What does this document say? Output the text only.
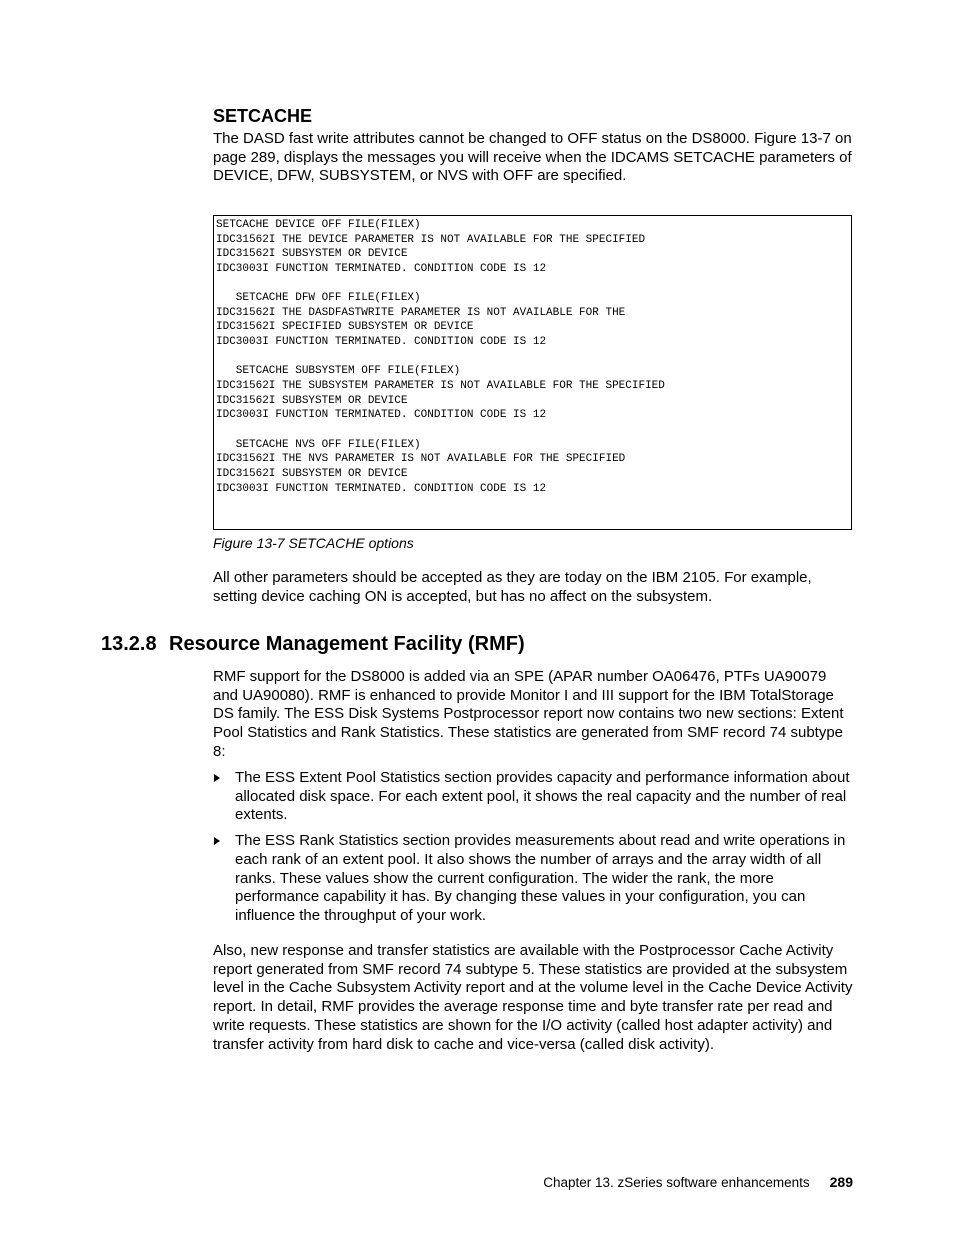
SETCACHE

The DASD fast write attributes cannot be changed to OFF status on the DS8000. Figure 13-7 on page 289, displays the messages you will receive when the IDCAMS SETCACHE parameters of DEVICE, DFW, SUBSYSTEM, or NVS with OFF are specified.

SETCACHE DEVICE OFF FILE(FILEX)
IDC31562I THE DEVICE PARAMETER IS NOT AVAILABLE FOR THE SPECIFIED
IDC31562I SUBSYSTEM OR DEVICE
IDC3003I FUNCTION TERMINATED. CONDITION CODE IS 12
SETCACHE DFW OFF FILE(FILEX)
IDC31562I THE DASDFASTWRITE PARAMETER IS NOT AVAILABLE FOR THE
IDC31562I SPECIFIED SUBSYSTEM OR DEVICE
IDC3003I FUNCTION TERMINATED. CONDITION CODE IS 12
SETCACHE SUBSYSTEM OFF FILE(FILEX)
IDC31562I THE SUBSYSTEM PARAMETER IS NOT AVAILABLE FOR THE SPECIFIED
IDC31562I SUBSYSTEM OR DEVICE
IDC3003I FUNCTION TERMINATED. CONDITION CODE IS 12
SETCACHE NVS OFF FILE(FILEX)
IDC31562I THE NVS PARAMETER IS NOT AVAILABLE FOR THE SPECIFIED
IDC31562I SUBSYSTEM OR DEVICE
IDC3003I FUNCTION TERMINATED. CONDITION CODE IS 12

Figure 13-7 SETCACHE options

All other parameters should be accepted as they are today on the IBM 2105. For example, setting device caching ON is accepted, but has no affect on the subsystem.

13.2.8 Resource Management Facility (RMF)

RMF support for the DS8000 is added via an SPE (APAR number OA06476, PTFs UA90079 and UA90080). RMF is enhanced to provide Monitor I and III support for the IBM TotalStorage DS family. The ESS Disk Systems Postprocessor report now contains two new sections: Extent Pool Statistics and Rank Statistics. These statistics are generated from SMF record 74 subtype 8:

The ESS Extent Pool Statistics section provides capacity and performance information about allocated disk space. For each extent pool, it shows the real capacity and the number of real extents.
The ESS Rank Statistics section provides measurements about read and write operations in each rank of an extent pool. It also shows the number of arrays and the array width of all ranks. These values show the current configuration. The wider the rank, the more performance capability it has. By changing these values in your configuration, you can influence the throughput of your work.

Also, new response and transfer statistics are available with the Postprocessor Cache Activity report generated from SMF record 74 subtype 5. These statistics are provided at the subsystem level in the Cache Subsystem Activity report and at the volume level in the Cache Device Activity report. In detail, RMF provides the average response time and byte transfer rate per read and write requests. These statistics are shown for the I/O activity (called host adapter activity) and transfer activity from hard disk to cache and vice-versa (called disk activity).

Chapter 13. zSeries software enhancements 289
